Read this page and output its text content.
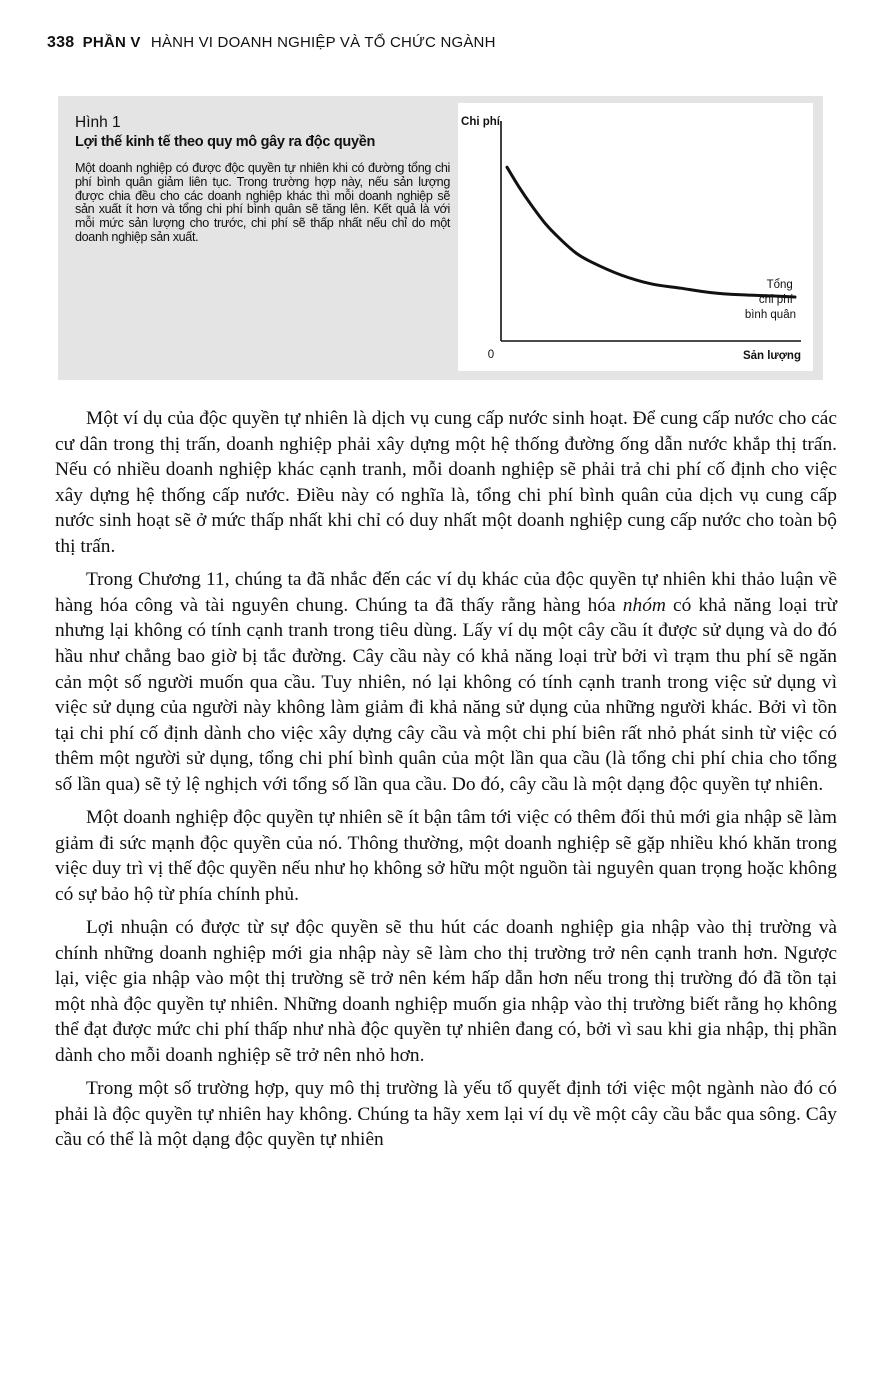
338 PHẦN V HÀNH VI DOANH NGHIỆP VÀ TỔ CHỨC NGÀNH

Hình 1

Lợi thế kinh tế theo quy mô gây ra độc quyền

Một doanh nghiệp có được độc quyền tự nhiên khi có đường tổng chi phí bình quân giảm liên tục. Trong trường hợp này, nếu sản lượng được chia đều cho các doanh nghiệp khác thì mỗi doanh nghiệp sẽ sản xuất ít hơn và tổng chi phí bình quân sẽ tăng lên. Kết quả là với mỗi mức sản lượng cho trước, chi phí sẽ thấp nhất nếu chỉ do một doanh nghiệp sản xuất.

Chi phí
0	Sản lượng
Tổng chi phí bình quân

Một ví dụ của độc quyền tự nhiên là dịch vụ cung cấp nước sinh hoạt. Để cung cấp nước cho các cư dân trong thị trấn, doanh nghiệp phải xây dựng một hệ thống đường ống dẫn nước khắp thị trấn. Nếu có nhiều doanh nghiệp khác cạnh tranh, mỗi doanh nghiệp sẽ phải trả chi phí cố định cho việc xây dựng hệ thống cấp nước. Điều này có nghĩa là, tổng chi phí bình quân của dịch vụ cung cấp nước sinh hoạt sẽ ở mức thấp nhất khi chỉ có duy nhất một doanh nghiệp cung cấp nước cho toàn bộ thị trấn.

Trong Chương 11, chúng ta đã nhắc đến các ví dụ khác của độc quyền tự nhiên khi thảo luận về hàng hóa công và tài nguyên chung. Chúng ta đã thấy rằng hàng hóa nhóm có khả năng loại trừ nhưng lại không có tính cạnh tranh trong tiêu dùng. Lấy ví dụ một cây cầu ít được sử dụng và do đó hầu như chẳng bao giờ bị tắc đường. Cây cầu này có khả năng loại trừ bởi vì trạm thu phí sẽ ngăn cản một số người muốn qua cầu. Tuy nhiên, nó lại không có tính cạnh tranh trong việc sử dụng vì việc sử dụng của người này không làm giảm đi khả năng sử dụng của những người khác. Bởi vì tồn tại chi phí cố định dành cho việc xây dựng cây cầu và một chi phí biên rất nhỏ phát sinh từ việc có thêm một người sử dụng, tổng chi phí bình quân của một lần qua cầu (là tổng chi phí chia cho tổng số lần qua) sẽ tỷ lệ nghịch với tổng số lần qua cầu. Do đó, cây cầu là một dạng độc quyền tự nhiên.

Một doanh nghiệp độc quyền tự nhiên sẽ ít bận tâm tới việc có thêm đối thủ mới gia nhập sẽ làm giảm đi sức mạnh độc quyền của nó. Thông thường, một doanh nghiệp sẽ gặp nhiều khó khăn trong việc duy trì vị thế độc quyền nếu như họ không sở hữu một nguồn tài nguyên quan trọng hoặc không có sự bảo hộ từ phía chính phủ.

Lợi nhuận có được từ sự độc quyền sẽ thu hút các doanh nghiệp gia nhập vào thị trường và chính những doanh nghiệp mới gia nhập này sẽ làm cho thị trường trở nên cạnh tranh hơn. Ngược lại, việc gia nhập vào một thị trường sẽ trở nên kém hấp dẫn hơn nếu trong thị trường đó đã tồn tại một nhà độc quyền tự nhiên. Những doanh nghiệp muốn gia nhập vào thị trường biết rằng họ không thể đạt được mức chi phí thấp như nhà độc quyền tự nhiên đang có, bởi vì sau khi gia nhập, thị phần dành cho mỗi doanh nghiệp sẽ trở nên nhỏ hơn.

Trong một số trường hợp, quy mô thị trường là yếu tố quyết định tới việc một ngành nào đó có phải là độc quyền tự nhiên hay không. Chúng ta hãy xem lại ví dụ về một cây cầu bắc qua sông. Cây cầu có thể là một dạng độc quyền tự nhiên
